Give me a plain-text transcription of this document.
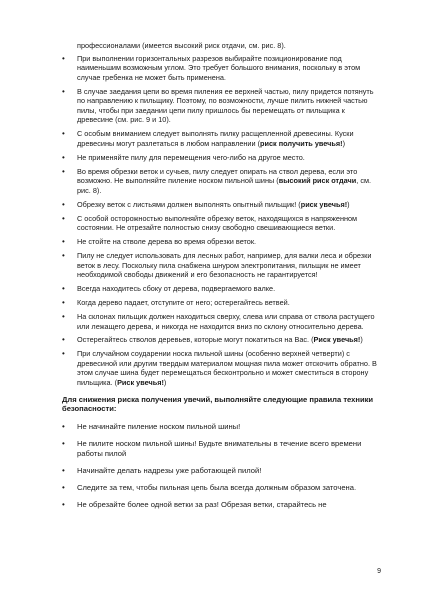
профессионалами (имеется высокий риск отдачи, см. рис. 8).
•	При выполнении горизонтальных разрезов выбирайте позиционирование под наименьшим возможным углом. Это требует большого внимания, поскольку в этом случае гребенка не может быть применена.
•	В случае заедания цепи во время пиления ее верхней частью, пилу придется потянуть по направлению к пильщику. Поэтому, по возможности, лучше пилить нижней частью пилы, чтобы при заедании цепи пилу пришлось бы перемещать от пильщика к древесине (см. рис. 9 и 10).
•	С особым вниманием следует выполнять пилку расщепленной древесины. Куски древесины могут разлетаться в любом направлении (риск получить увечья!)
•	Не применяйте пилу для перемещения чего-либо на другое место.
•	Во время обрезки веток и сучьев, пилу следует опирать на ствол дерева, если это возможно. Не выполняйте пиление носком пильной шины (высокий риск отдачи, см. рис. 8).
•	Обрезку веток с листьями должен выполнять опытный пильщик! (риск увечья!)
•	С особой осторожностью выполняйте обрезку веток, находящихся в напряженном состоянии. Не отрезайте полностью снизу свободно свешивающиеся ветки.
•	Не стойте на стволе дерева во время обрезки веток.
•	Пилу не следует использовать для лесных работ, например, для валки леса и обрезки веток в лесу. Поскольку пила снабжена шнуром электропитания, пильщик не имеет необходимой свободы движений и его безопасность не гарантируется!
•	Всегда находитесь сбоку от дерева, подвергаемого валке.
•	Когда дерево падает, отступите от него; остерегайтесь ветвей.
•	На склонах пильщик должен находиться сверху, слева или справа от ствола растущего или лежащего дерева, и никогда не находится вниз по склону относительно дерева.
•	Остерегайтесь стволов деревьев, которые могут покатиться на Вас. (Риск увечья!)
•	При случайном соударении носка пильной шины (особенно верхней четверти) с древесиной или другим твердым материалом мощная пила может отскочить обратно. В этом случае шина будет перемещаться бесконтрольно и может сместиться в сторону пильщика. (Риск увечья!)
Для снижения риска получения увечий, выполняйте следующие правила техники безопасности:
•	Не начинайте пиление носком пильной шины!
•	Не пилите носком пильной шины! Будьте внимательны в течение всего времени работы пилой
•	Начинайте делать надрезы уже работающей пилой!
•	Следите за тем, чтобы пильная цепь была всегда должным образом заточена.
•	Не обрезайте более одной ветки за раз! Обрезая ветки, старайтесь не
9
